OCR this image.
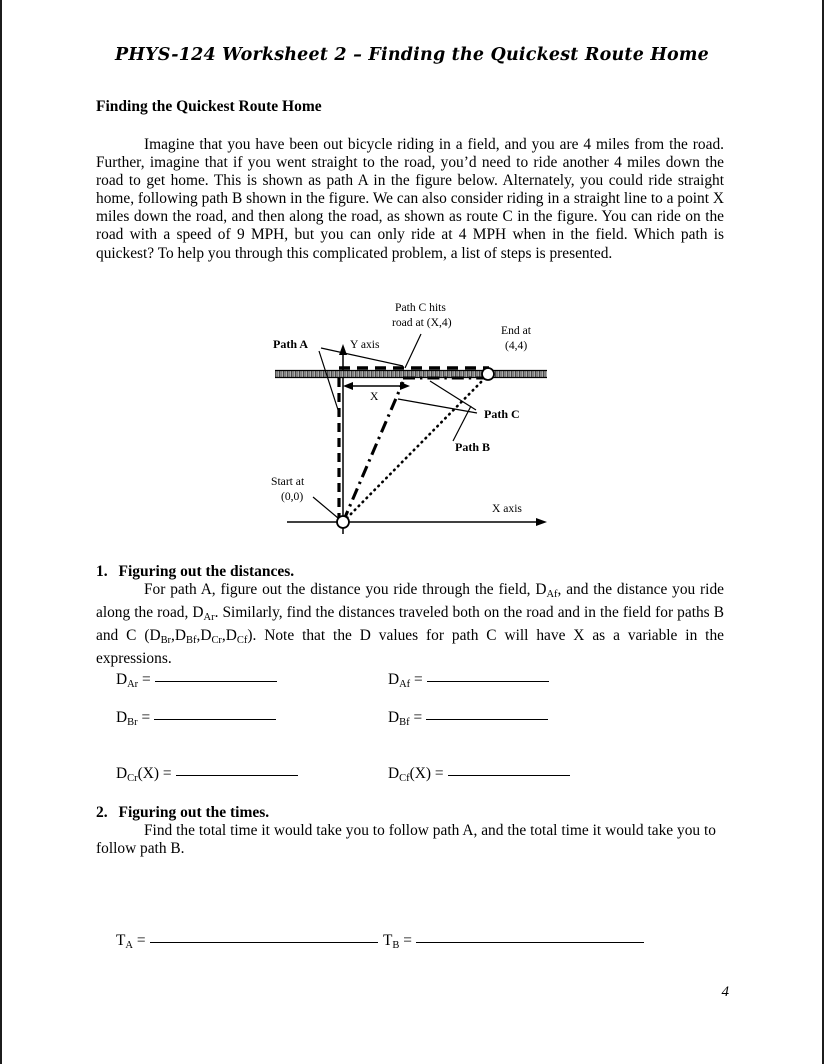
PHYS-124 Worksheet 2 – Finding the Quickest Route Home
Finding the Quickest Route Home
Imagine that you have been out bicycle riding in a field, and you are 4 miles from the road. Further, imagine that if you went straight to the road, you’d need to ride another 4 miles down the road to get home. This is shown as path A in the figure below. Alternately, you could ride straight home, following path B shown in the figure. We can also consider riding in a straight line to a point X miles down the road, and then along the road, as shown as route C in the figure. You can ride on the road with a speed of 9 MPH, but you can only ride at 4 MPH when in the field. Which path is quickest? To help you through this complicated problem, a list of steps is presented.
X
Path A	Y axis
X axis
Path C hits
road at (X,4)
End at
(4,4)
Start at
(0,0)
Path C
Path B
1. Figuring out the distances.
For path A, figure out the distance you ride through the field, $D_{Af}$, and the distance you ride along the road, $D_{Ar}$. Similarly, find the distances traveled both on the road and in the field for paths B and C $(D_{Br},D_{Bf},D_{Cr},D_{Cf})$. Note that the D values for path C will have X as a variable in the expressions.
$D_{Ar}$ =	$D_{Af}$ =
$D_{Br}$ =	$D_{Bf}$ =
$D_{Cr}(X)$ =	$D_{Cf}(X)$ =
2. Figuring out the times.
Find the total time it would take you to follow path A, and the total time it would take you to follow path B.
$T_A$ =	$T_B$ =
4
